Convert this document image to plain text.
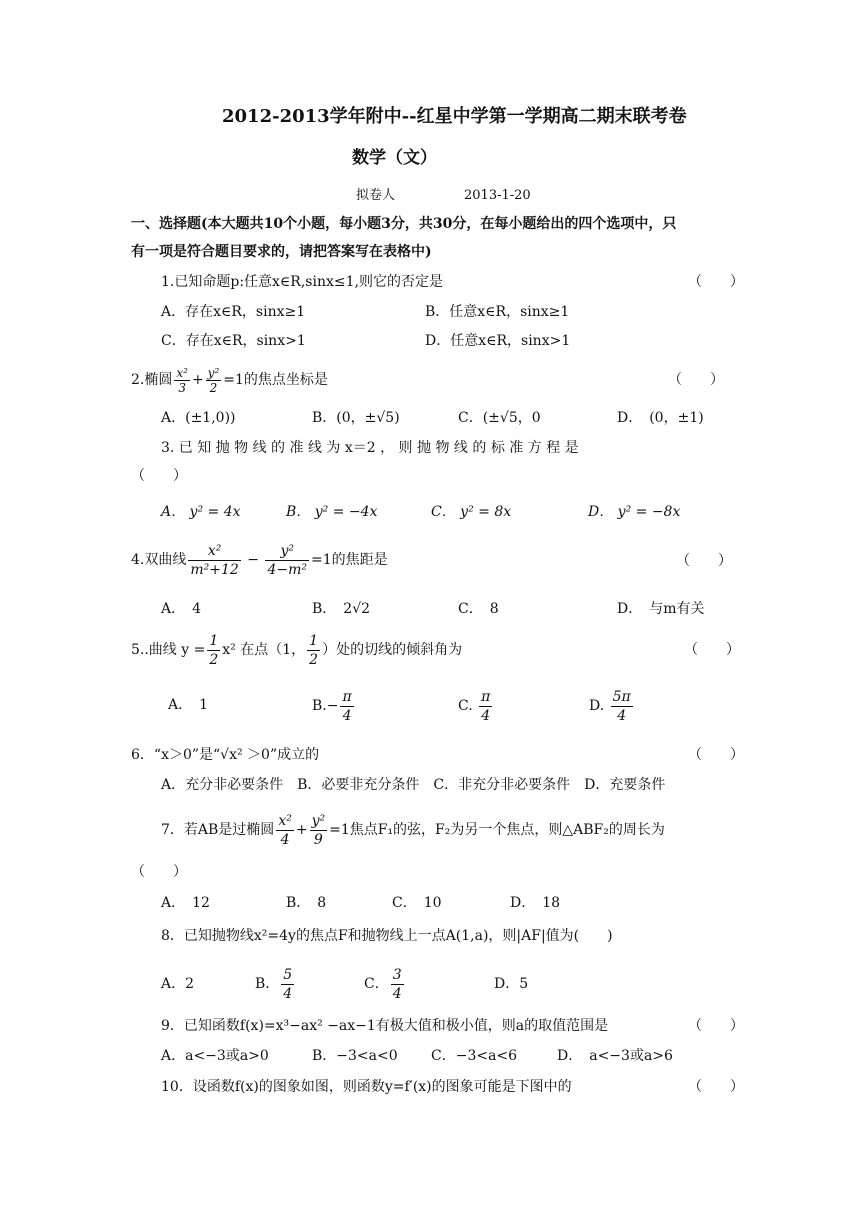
2012-2013学年附中--红星中学第一学期高二期末联考卷
数学（文）
拟卷人	2013-1-20
一、选择题(本大题共10个小题，每小题3分，共30分，在每小题给出的四个选项中，只
有一项是符合题目要求的，请把答案写在表格中)
1.已知命题p:任意x∈R,sinx≤1,则它的否定是	（　　）
A．存在x∈R，sinx≥1	B．任意x∈R，sinx≥1
C．存在x∈R，sinx>1	D．任意x∈R，sinx>1
2.椭圆 $\frac{\text{x²}}{3} + \frac{\text{y²}}{2} =1$的焦点坐标是	（　　）
A．(±1,0))	B．(0，±√5)	C．(±√5，0	D．　(0，±1)
3. 已 知 抛 物 线 的 准 线 为 x＝2 ， 则 抛 物 线 的 标 准 方 程 是
（　　）
A． y² = 4x	B． y² = −4x	C． y² = 8x	D． y² = −8x
4.双曲线 $\frac{\text{x²}}{\text{m²+12}} - \frac{\text{y²}}{\text{4−m²}} =1$的焦距是	（　　）
A．　4	B．　2√2	C．　8	D．　与m有关
5..曲线 $y = \frac{1}{2} x^2$ 在点（1， $\frac{1}{2}$ ）处的切线的倾斜角为	（　　）
A．　1	$B.- \frac{\pi}{4}$	C. $\frac{\pi}{4}$	D. $\frac{5\pi}{4}$
6．“x＞0”是“√x² ＞0”成立的	（　　）
A．充分非必要条件　B．必要非充分条件　C．非充分非必要条件　D．充要条件
7．若AB是过椭圆 $\frac{\text{x²}}{4} + \frac{\text{y²}}{9} =1$焦点F₁的弦，F₂为另一个焦点，则△ABF₂的周长为
（　　）
A．　12	B．　8	C．　10	D．　18
8．已知抛物线x²=4y的焦点F和抛物线上一点A(1,a)，则|AF|值为(　　)
A．2	B． $\frac{5}{4}$	C． $\frac{3}{4}$	D．5
9．已知函数f(x)=x³−ax² −ax−1有极大值和极小值，则a的取值范围是	（　　）
A．a<−3或a>0	B．−3<a<0 C．−3<a<6	D．　a<−3或a>6
10．设函数f(x)的图象如图，则函数y=f′(x)的图象可能是下图中的	（　　）
